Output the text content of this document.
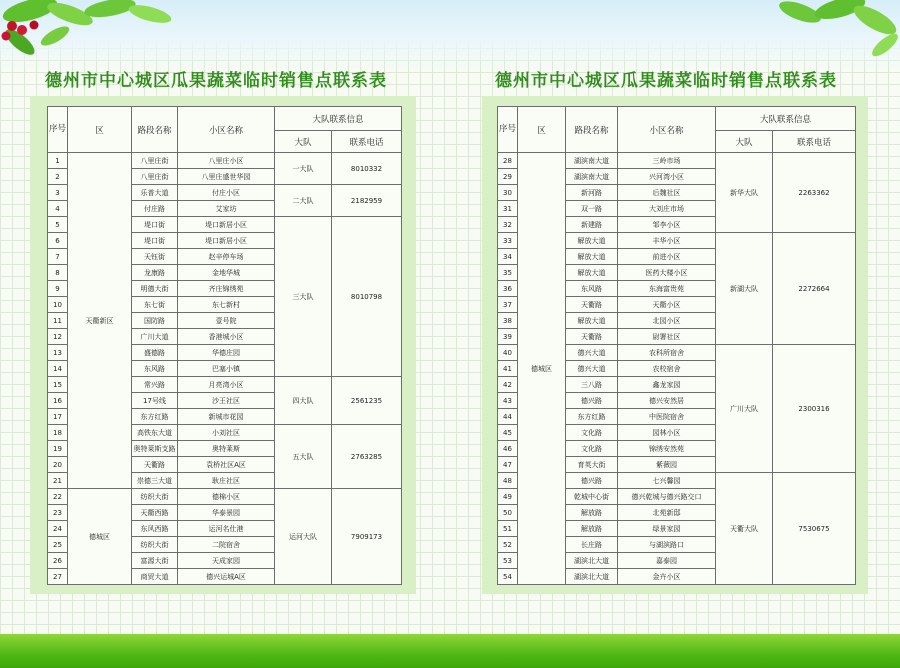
德州市中心城区瓜果蔬菜临时销售点联系表	德州市中心城区瓜果蔬菜临时销售点联系表
序号	区	路段名称	小区名称	大队联系信息	
				大队	联系电话
1	天衢新区	八里庄街	八里庄小区	一大队	8010332
2		八里庄街	八里庄盛世华园		
3		乐普大道	付庄小区	二大队	2182959
4		付庄路	艾家坊		
5		堤口街	堤口新居小区	三大队	8010798
6		堤口街	堤口新居小区		
7		天钰街	赵辛停车场		
8		龙康路	金地华城		
9		明德大街	齐庄锦绣苑		
10		东七街	东七新村		
11		国防路	壹号院		
12		广川大道	香港城小区		
13		盛德路	华德庄园		
14		东风路	巴塞小镇		
15		常兴路	月亮湾小区	四大队	2561235
16		17号线	沙王社区		
17		东方红路	新城市花园		
18		高铁东大道	小刘社区	五大队	2763285
19		奥特莱斯支路	奥特莱斯		
20		天衢路	袁桥社区A区		
21		崇德三大道	耿庄社区		
22	德城区	纺织大街	德棉小区	运河大队	7909173
23		天衢西路	华泰景园		
24		东风西路	运河名仕港		
25		纺织大街	二院宿舍		
26		富源大街	天成家园		
27		商贸大道	德兴运城A区		
序号	区	路段名称	小区名称	大队联系信息	
				大队	联系电话
28	德城区	湖滨南大道	三岭市场	新华大队	2263362
29		湖滨南大道	兴河湾小区		
30		新河路	后魏社区		
31		双一路	大刘庄市场		
32		新建路	邹李小区		
33		解放大道	丰华小区	新湖大队	2272664
34		解放大道	前进小区		
35		解放大道	医药大楼小区		
36		东风路	东海富贵苑		
37		天衢路	天衢小区		
38		解放大道	北园小区		
39		天衢路	尉署社区		
40		德兴大道	农科所宿舍	广川大队	2300316
41		德兴大道	农校宿舍		
42		三八路	鑫龙家园		
43		德兴路	德兴安然居		
44		东方红路	中医院宿舍		
45		文化路	园林小区		
46		文化路	锦绣安然苑		
47		育英大街	紫薇园		
48		德兴路	七兴馨园	天衢大队	7530675
49		乾城中心街	德兴乾城与德兴路交口		
50		解放路	北苑新邸		
51		解放路	绿景家园		
52		长庄路	与湖滨路口		
53		湖滨北大道	嘉泰园		
54		湖滨北大道	金卉小区		
